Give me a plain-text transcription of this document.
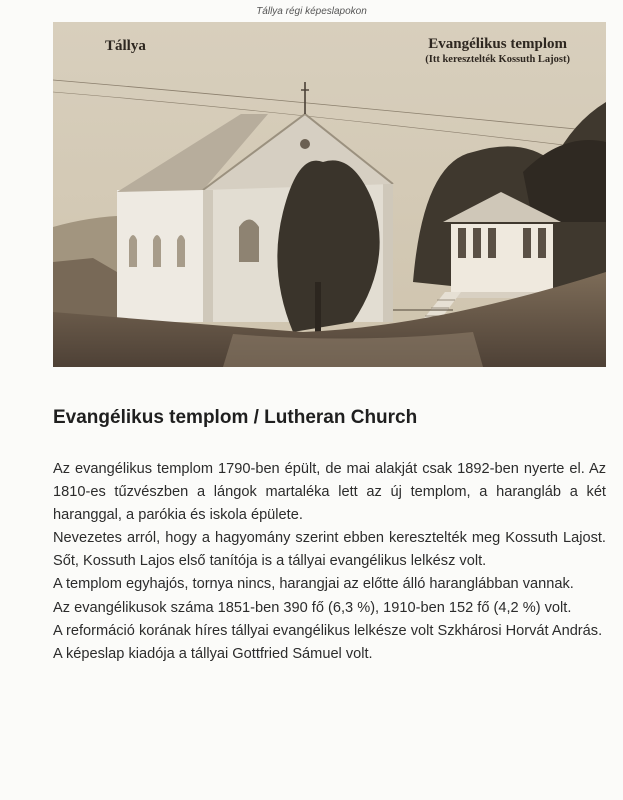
Tállya régi képeslapokon
Tállya	Evangélikus templom
(Itt keresztelték Kossuth Lajost)
Evangélikus templom / Lutheran Church

Az evangélikus templom 1790-ben épült, de mai alakját csak 1892-ben nyerte el. Az 1810-es tűzvészben a lángok martaléka lett az új templom, a harangláb a két haranggal, a parókia és iskola épülete.

Nevezetes arról, hogy a hagyomány szerint ebben keresztelték meg Kossuth Lajost. Sőt, Kossuth Lajos első tanítója is a tállyai evangélikus lelkész volt.

A templom egyhajós, tornya nincs, harangjai az előtte álló haranglábban vannak.

Az evangélikusok száma 1851-ben 390 fő (6,3 %), 1910-ben 152 fő (4,2 %) volt.

A reformáció korának híres tállyai evangélikus lelkésze volt Szkhárosi Horvát András.

A képeslap kiadója a tállyai Gottfried Sámuel volt.
